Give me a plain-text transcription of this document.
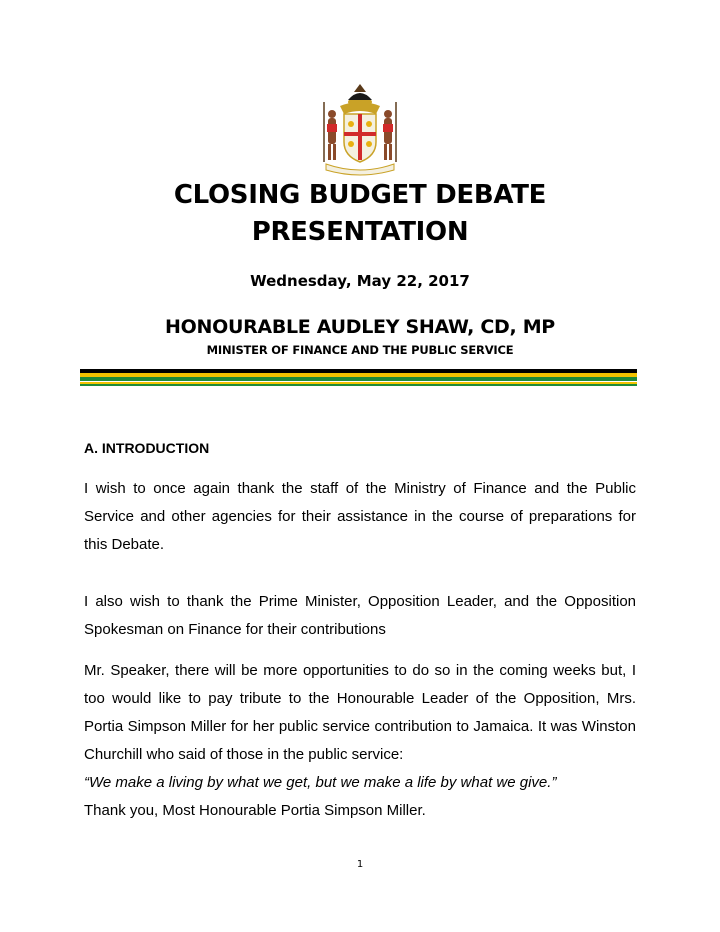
CLOSING BUDGET DEBATE
PRESENTATION
Wednesday, May 22, 2017
HONOURABLE AUDLEY SHAW, CD, MP
MINISTER OF FINANCE AND THE PUBLIC SERVICE
A. INTRODUCTION
I wish to once again thank the staff of the Ministry of Finance and the Public Service and other agencies for their assistance in the course of preparations for this Debate.
I also wish to thank the Prime Minister, Opposition Leader, and the Opposition Spokesman on Finance for their contributions
Mr. Speaker, there will be more opportunities to do so in the coming weeks but, I too would like to pay tribute to the Honourable Leader of the Opposition, Mrs. Portia Simpson Miller for her public service contribution to Jamaica. It was Winston Churchill who said of those in the public service:
“We make a living by what we get, but we make a life by what we give.”
Thank you, Most Honourable Portia Simpson Miller.
1
